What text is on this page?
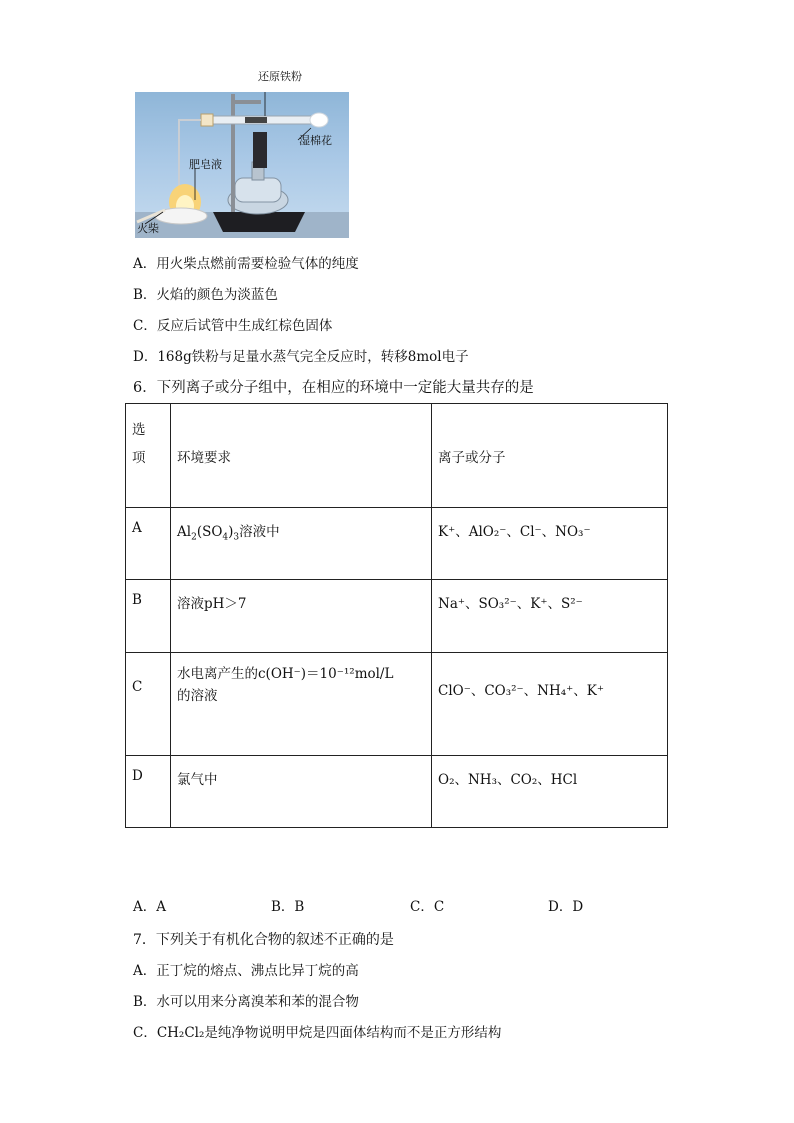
还原铁粉
湿棉花
肥皂液
火柴
A．用火柴点燃前需要检验气体的纯度
B．火焰的颜色为淡蓝色
C．反应后试管中生成红棕色固体
D．168g铁粉与足量水蒸气完全反应时，转移8mol电子
6．下列离子或分子组中，在相应的环境中一定能大量共存的是
选
项	环境要求	离子或分子

A	$Al_2(SO_4)_3$溶液中	K⁺、AlO₂⁻、Cl⁻、NO₃⁻

B	溶液pH＞7	Na⁺、SO₃²⁻、K⁺、S²⁻

C	水电离产生的c(OH⁻)＝10⁻¹²mol/L
的溶液	ClO⁻、CO₃²⁻、NH₄⁺、K⁺

D	氯气中	O₂、NH₃、CO₂、HCl
A．A	B．B	C．C	D．D
7．下列关于有机化合物的叙述不正确的是
A．正丁烷的熔点、沸点比异丁烷的高
B．水可以用来分离溴苯和苯的混合物
C．CH₂Cl₂是纯净物说明甲烷是四面体结构而不是正方形结构
